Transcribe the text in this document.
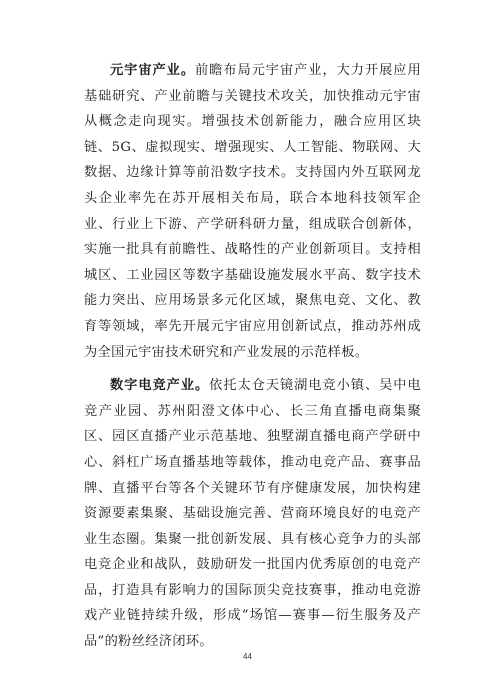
元宇宙产业。前瞻布局元宇宙产业，大力开展应用基础研究、产业前瞻与关键技术攻关，加快推动元宇宙从概念走向现实。增强技术创新能力，融合应用区块链、5G、虚拟现实、增强现实、人工智能、物联网、大数据、边缘计算等前沿数字技术。支持国内外互联网龙头企业率先在苏开展相关布局，联合本地科技领军企业、行业上下游、产学研科研力量，组成联合创新体，实施一批具有前瞻性、战略性的产业创新项目。支持相城区、工业园区等数字基础设施发展水平高、数字技术能力突出、应用场景多元化区域，聚焦电竞、文化、教育等领域，率先开展元宇宙应用创新试点，推动苏州成为全国元宇宙技术研究和产业发展的示范样板。

数字电竞产业。依托太仓天镜湖电竞小镇、吴中电竞产业园、苏州阳澄文体中心、长三角直播电商集聚区、园区直播产业示范基地、独墅湖直播电商产学研中心、斜杠广场直播基地等载体，推动电竞产品、赛事品牌、直播平台等各个关键环节有序健康发展，加快构建资源要素集聚、基础设施完善、营商环境良好的电竞产业生态圈。集聚一批创新发展、具有核心竞争力的头部电竞企业和战队，鼓励研发一批国内优秀原创的电竞产品，打造具有影响力的国际顶尖竞技赛事，推动电竞游戏产业链持续升级，形成“场馆—赛事—衍生服务及产品”的粉丝经济闭环。

44
